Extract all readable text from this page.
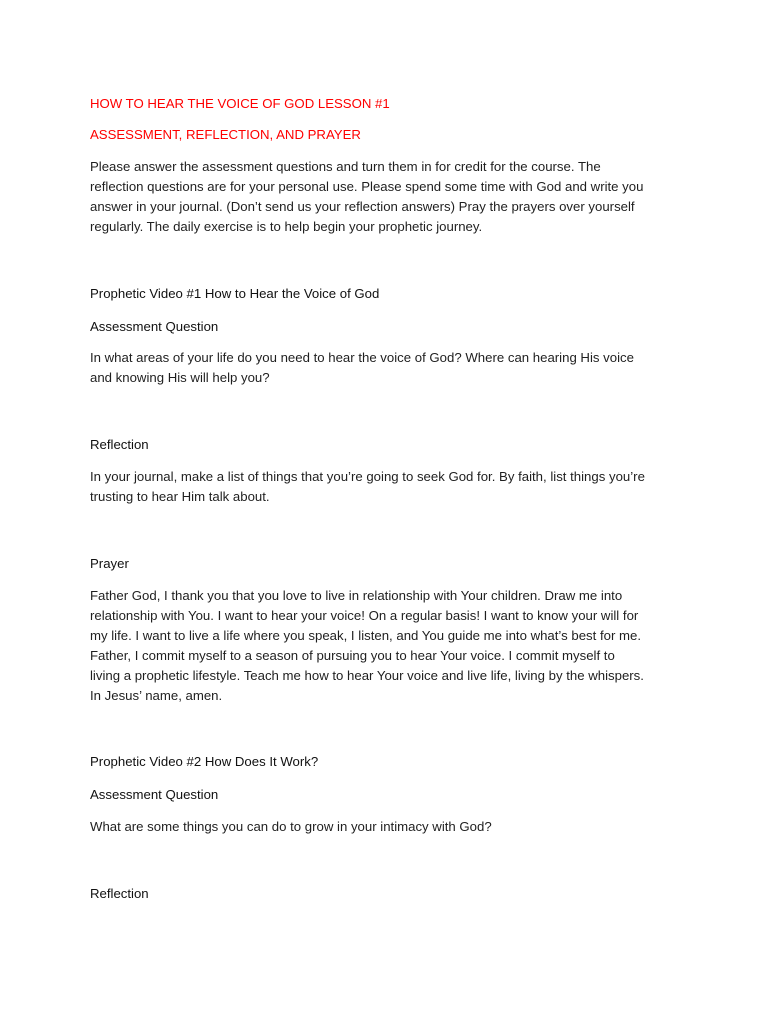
HOW TO HEAR THE VOICE OF GOD LESSON #1

ASSESSMENT, REFLECTION, AND PRAYER

Please answer the assessment questions and turn them in for credit for the course. The
reflection questions are for your personal use. Please spend some time with God and write you
answer in your journal. (Don’t send us your reflection answers) Pray the prayers over yourself
regularly. The daily exercise is to help begin your prophetic journey.

Prophetic Video #1 How to Hear the Voice of God

Assessment Question

In what areas of your life do you need to hear the voice of God? Where can hearing His voice
and knowing His will help you?

Reflection

In your journal, make a list of things that you’re going to seek God for. By faith, list things you’re
trusting to hear Him talk about.

Prayer

Father God, I thank you that you love to live in relationship with Your children. Draw me into
relationship with You. I want to hear your voice! On a regular basis! I want to know your will for
my life. I want to live a life where you speak, I listen, and You guide me into what’s best for me.
Father, I commit myself to a season of pursuing you to hear Your voice. I commit myself to
living a prophetic lifestyle. Teach me how to hear Your voice and live life, living by the whispers.
In Jesus’ name, amen.

Prophetic Video #2 How Does It Work?

Assessment Question

What are some things you can do to grow in your intimacy with God?

Reflection
